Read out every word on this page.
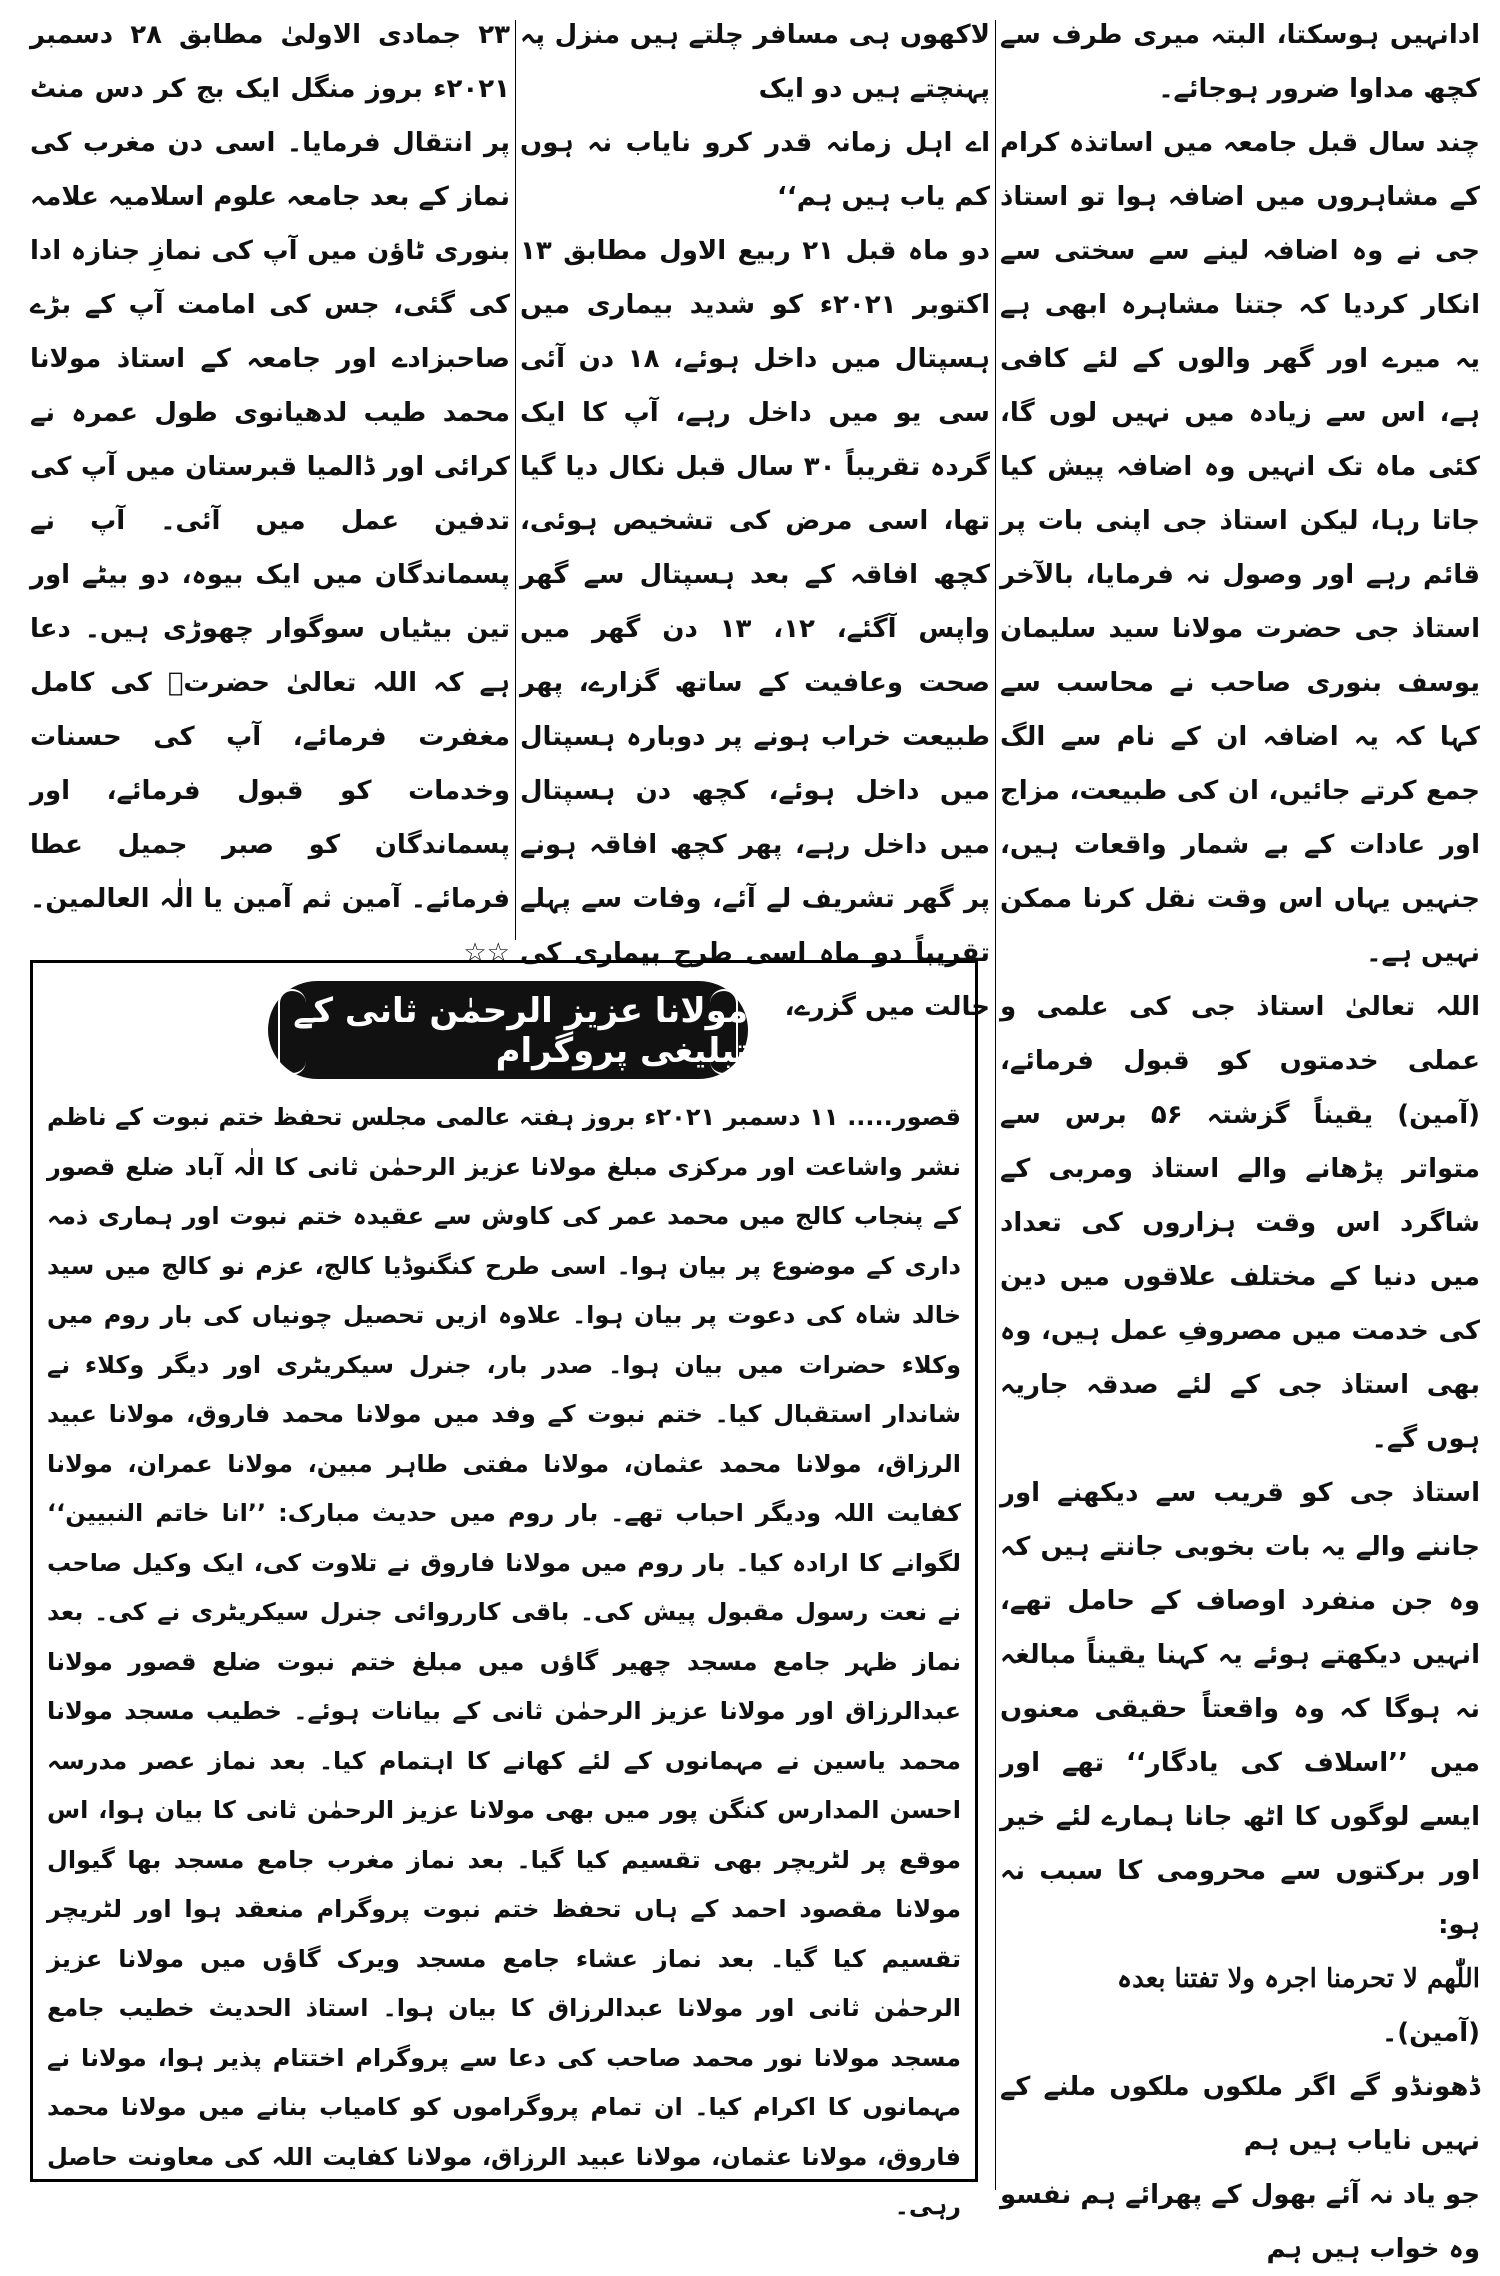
ادانہیں ہوسکتا، البتہ میری طرف سے کچھ مداوا ضرور ہوجائے۔

چند سال قبل جامعہ میں اساتذہ کرام کے مشاہروں میں اضافہ ہوا تو استاذ جی نے وہ اضافہ لینے سے سختی سے انکار کردیا کہ جتنا مشاہرہ ابھی ہے یہ میرے اور گھر والوں کے لئے کافی ہے، اس سے زیادہ میں نہیں لوں گا، کئی ماہ تک انہیں وہ اضافہ پیش کیا جاتا رہا، لیکن استاذ جی اپنی بات پر قائم رہے اور وصول نہ فرمایا، بالآخر استاذ جی حضرت مولانا سید سلیمان یوسف بنوری صاحب نے محاسب سے کہا کہ یہ اضافہ ان کے نام سے الگ جمع کرتے جائیں، ان کی طبیعت، مزاج اور عادات کے بے شمار واقعات ہیں، جنہیں یہاں اس وقت نقل کرنا ممکن نہیں ہے۔

اللہ تعالیٰ استاذ جی کی علمی و عملی خدمتوں کو قبول فرمائے، (آمین) یقیناً گزشتہ ۵۶ برس سے متواتر پڑھانے والے استاذ ومربی کے شاگرد اس وقت ہزاروں کی تعداد میں دنیا کے مختلف علاقوں میں دین کی خدمت میں مصروفِ عمل ہیں، وہ بھی استاذ جی کے لئے صدقہ جاریہ ہوں گے۔

استاذ جی کو قریب سے دیکھنے اور جاننے والے یہ بات بخوبی جانتے ہیں کہ وہ جن منفرد اوصاف کے حامل تھے، انہیں دیکھتے ہوئے یہ کہنا یقیناً مبالغہ نہ ہوگا کہ وہ واقعتاً حقیقی معنوں میں ’’اسلاف کی یادگار‘‘ تھے اور ایسے لوگوں کا اٹھ جانا ہمارے لئے خیر اور برکتوں سے محرومی کا سبب نہ ہو:

اللّٰھم لا تحرمنا اجرہ ولا تفتنا بعدہ

(آمین)۔

ڈھونڈو گے اگر ملکوں ملکوں ملنے کے نہیں نایاب ہیں ہم

جو یاد نہ آئے بھول کے پھرائے ہم نفسو وہ خواب ہیں ہم

لاکھوں ہی مسافر چلتے ہیں منزل پہ پہنچتے ہیں دو ایک

اے اہل زمانہ قدر کرو نایاب نہ ہوں کم یاب ہیں ہم‘‘

دو ماہ قبل ۲۱ ربیع الاول مطابق ۱۳ اکتوبر ۲۰۲۱ء کو شدید بیماری میں ہسپتال میں داخل ہوئے، ۱۸ دن آئی سی یو میں داخل رہے، آپ کا ایک گردہ تقریباً ۳۰ سال قبل نکال دیا گیا تھا، اسی مرض کی تشخیص ہوئی، کچھ افاقہ کے بعد ہسپتال سے گھر واپس آگئے، ۱۲، ۱۳ دن گھر میں صحت وعافیت کے ساتھ گزارے، پھر طبیعت خراب ہونے پر دوبارہ ہسپتال میں داخل ہوئے، کچھ دن ہسپتال میں داخل رہے، پھر کچھ افاقہ ہونے پر گھر تشریف لے آئے، وفات سے پہلے تقریباً دو ماہ اسی طرح بیماری کی حالت میں گزرے،

۲۳ جمادی الاولیٰ مطابق ۲۸ دسمبر ۲۰۲۱ء بروز منگل ایک بج کر دس منٹ پر انتقال فرمایا۔ اسی دن مغرب کی نماز کے بعد جامعہ علوم اسلامیہ علامہ بنوری ٹاؤن میں آپ کی نمازِ جنازہ ادا کی گئی، جس کی امامت آپ کے بڑے صاحبزادے اور جامعہ کے استاذ مولانا محمد طیب لدھیانوی طول عمرہ نے کرائی اور ڈالمیا قبرستان میں آپ کی تدفین عمل میں آئی۔ آپ نے پسماندگان میں ایک بیوہ، دو بیٹے اور تین بیٹیاں سوگوار چھوڑی ہیں۔ دعا ہے کہ اللہ تعالیٰ حضرتؒ کی کامل مغفرت فرمائے، آپ کی حسنات وخدمات کو قبول فرمائے، اور پسماندگان کو صبر جمیل عطا فرمائے۔ آمین ثم آمین یا الٰہ العالمین۔☆☆

مولانا عزیز الرحمٰن ثانی کے تبلیغی پروگرام
قصور..... ۱۱ دسمبر ۲۰۲۱ء بروز ہفتہ عالمی مجلس تحفظ ختم نبوت کے ناظم نشر واشاعت اور مرکزی مبلغ مولانا عزیز الرحمٰن ثانی کا الٰہ آباد ضلع قصور کے پنجاب کالج میں محمد عمر کی کاوش سے عقیدہ ختم نبوت اور ہماری ذمہ داری کے موضوع پر بیان ہوا۔ اسی طرح کنگنوڈیا کالج، عزم نو کالج میں سید خالد شاہ کی دعوت پر بیان ہوا۔ علاوہ ازیں تحصیل چونیاں کی بار روم میں وکلاء حضرات میں بیان ہوا۔ صدر بار، جنرل سیکریٹری اور دیگر وکلاء نے شاندار استقبال کیا۔ ختم نبوت کے وفد میں مولانا محمد فاروق، مولانا عبید الرزاق، مولانا محمد عثمان، مولانا مفتی طاہر مبین، مولانا عمران، مولانا کفایت اللہ ودیگر احباب تھے۔ بار روم میں حدیث مبارک: ’’انا خاتم النبیین‘‘ لگوانے کا ارادہ کیا۔ بار روم میں مولانا فاروق نے تلاوت کی، ایک وکیل صاحب نے نعت رسول مقبول پیش کی۔ باقی کارروائی جنرل سیکریٹری نے کی۔ بعد نماز ظہر جامع مسجد چھیر گاؤں میں مبلغ ختم نبوت ضلع قصور مولانا عبدالرزاق اور مولانا عزیز الرحمٰن ثانی کے بیانات ہوئے۔ خطیب مسجد مولانا محمد یاسین نے مہمانوں کے لئے کھانے کا اہتمام کیا۔ بعد نماز عصر مدرسہ احسن المدارس کنگن پور میں بھی مولانا عزیز الرحمٰن ثانی کا بیان ہوا، اس موقع پر لٹریچر بھی تقسیم کیا گیا۔ بعد نماز مغرب جامع مسجد بھا گیوال مولانا مقصود احمد کے ہاں تحفظ ختم نبوت پروگرام منعقد ہوا اور لٹریچر تقسیم کیا گیا۔ بعد نماز عشاء جامع مسجد ویرک گاؤں میں مولانا عزیز الرحمٰن ثانی اور مولانا عبدالرزاق کا بیان ہوا۔ استاذ الحدیث خطیب جامع مسجد مولانا نور محمد صاحب کی دعا سے پروگرام اختتام پذیر ہوا، مولانا نے مہمانوں کا اکرام کیا۔ ان تمام پروگراموں کو کامیاب بنانے میں مولانا محمد فاروق، مولانا عثمان، مولانا عبید الرزاق، مولانا کفایت اللہ کی معاونت حاصل رہی۔
